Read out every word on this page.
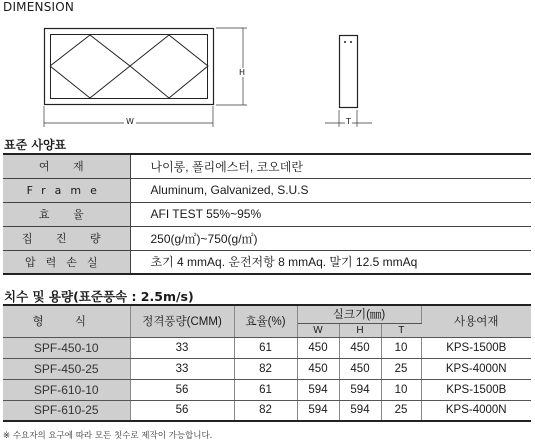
DIMENSION
W
H
T
표준 사양표
여 재	나이롱, 폴리에스터, 코오데란
Frame	Aluminum, Galvanized, S.U.S
효 율	AFI TEST 55%~95%
집 진 량	250(g/㎡)~750(g/㎡)
압력손실	초기 4 mmAq. 운전저항 8 mmAq. 말기 12.5 mmAq
치수 및 용량(표준풍속 : 2.5m/s)
형 식	정격풍량(CMM)	효율(%)	실크기(㎜)			사용여재
			W	H	T	
SPF-450-10	33	61	450	450	10	KPS-1500B
SPF-450-25	33	82	450	450	25	KPS-4000N
SPF-610-10	56	61	594	594	10	KPS-1500B
SPF-610-25	56	82	594	594	25	KPS-4000N
※ 수요자의 요구에 따라 모든 칫수로 제작이 가능합니다.
